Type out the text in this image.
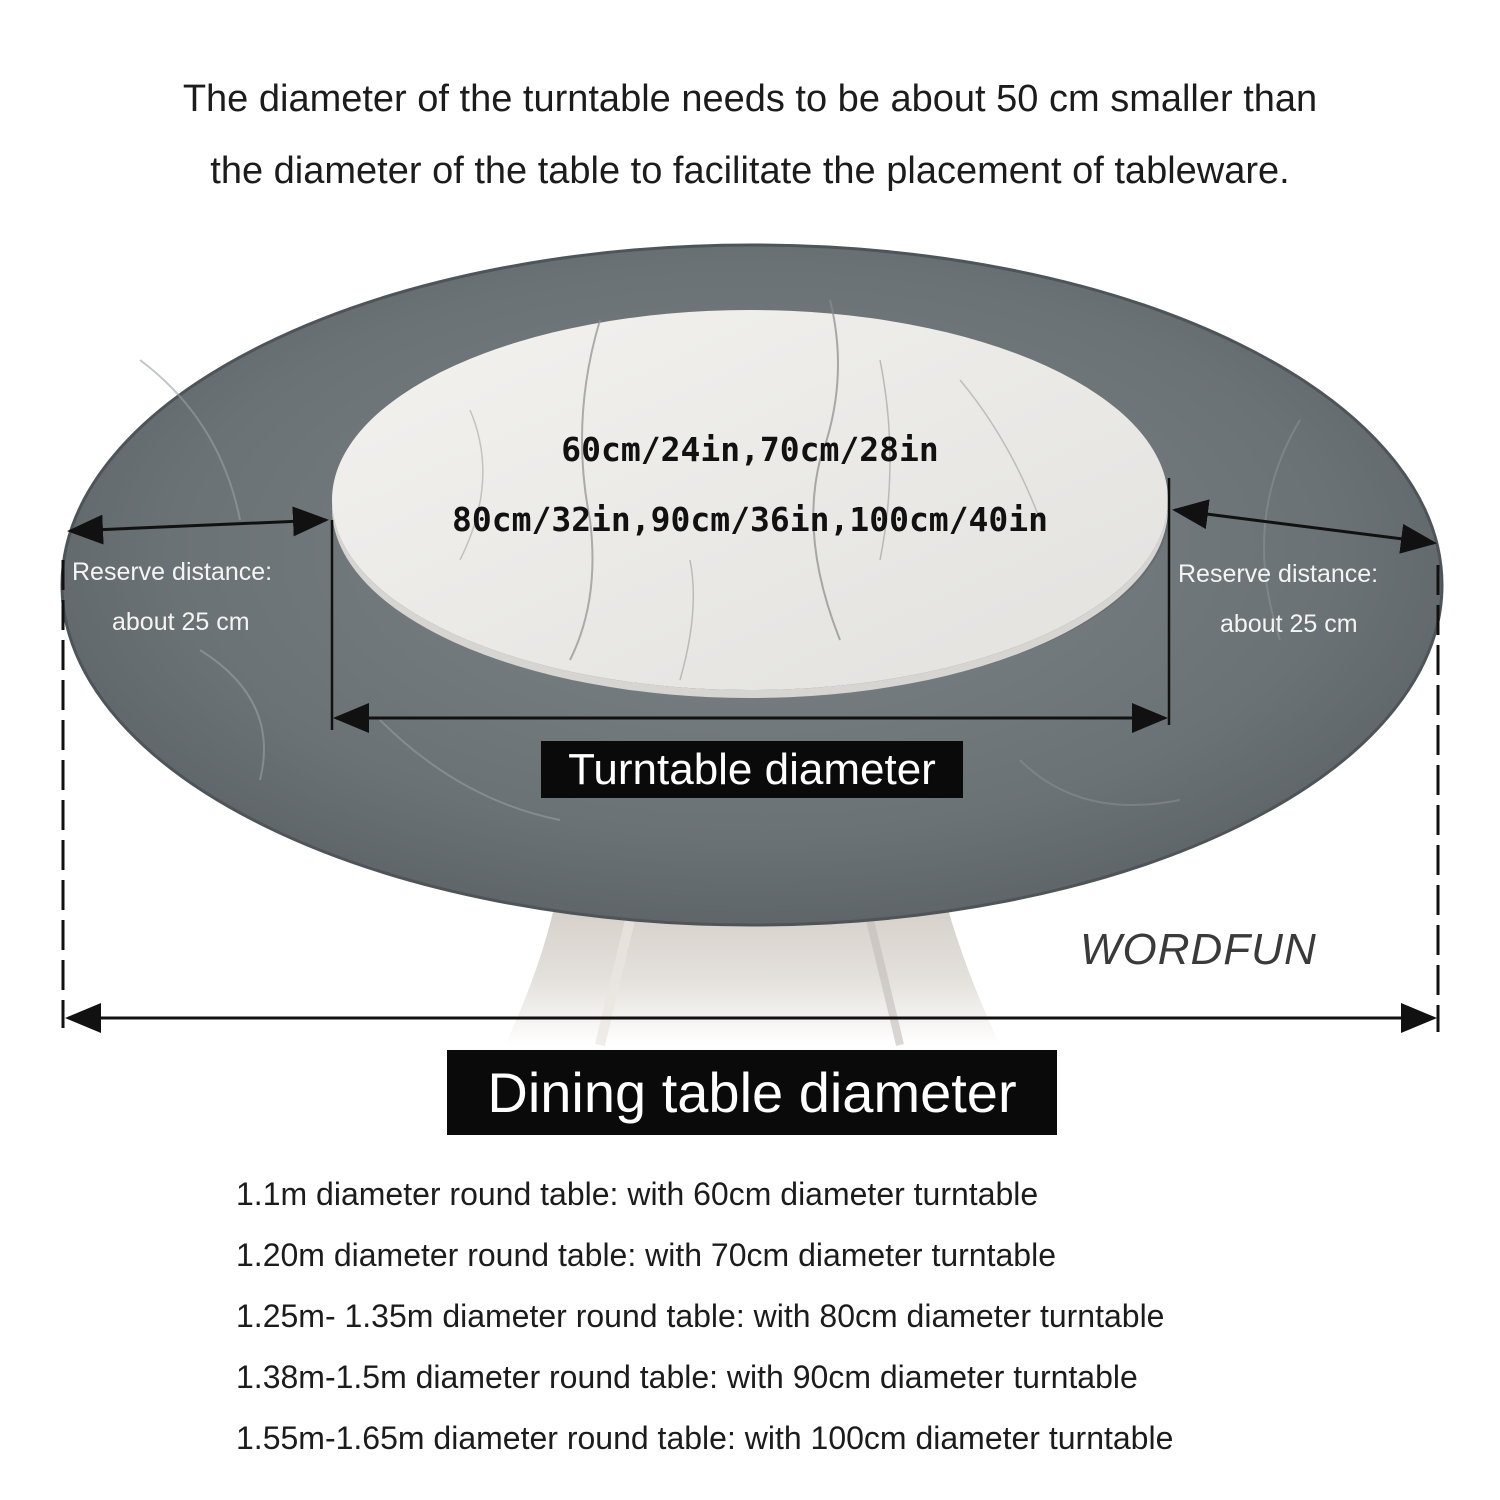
The diameter of the turntable needs to be about 50 cm smaller than
the diameter of the table to facilitate the placement of tableware.
60cm/24in,70cm/28in
80cm/32in,90cm/36in,100cm/40in
Reserve distance:
about 25 cm
Reserve distance:
about 25 cm
Turntable diameter
WORDFUN
Dining table diameter
1.1m diameter round table: with 60cm diameter turntable
1.20m diameter round table: with 70cm diameter turntable
1.25m- 1.35m diameter round table: with 80cm diameter turntable
1.38m-1.5m diameter round table: with 90cm diameter turntable
1.55m-1.65m diameter round table: with 100cm diameter turntable
